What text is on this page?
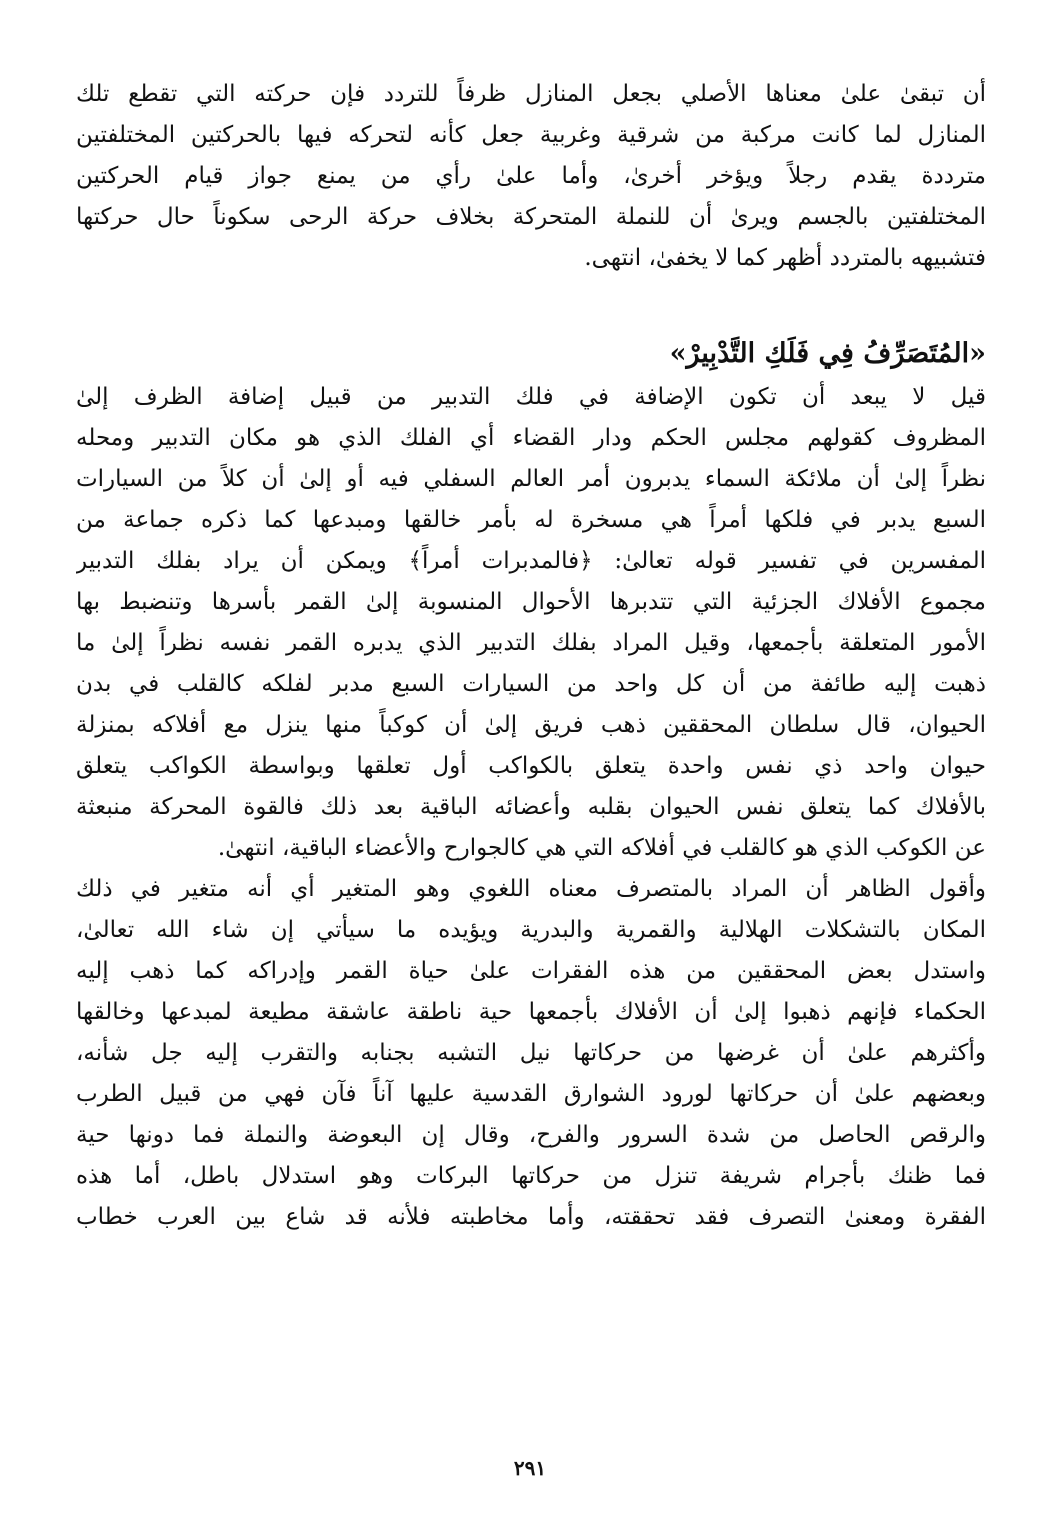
أن تبقىٰ علىٰ معناها الأصلي بجعل المنازل ظرفاً للتردد فإن حركته التي تقطع تلك
المنازل لما كانت مركبة من شرقية وغربية جعل كأنه لتحركه فيها بالحركتين المختلفتين
مترددة يقدم رجلاً ويؤخر أخرىٰ، وأما علىٰ رأي من يمنع جواز قيام الحركتين
المختلفتين بالجسم ويرىٰ أن للنملة المتحركة بخلاف حركة الرحى سكوناً حال حركتها
فتشبيهه بالمتردد أظهر كما لا يخفىٰ، انتهى.
«المُتَصَرِّفُ فِي فَلَكِ التَّدْبِيرْ»
قيل لا يبعد أن تكون الإضافة في فلك التدبير من قبيل إضافة الظرف إلىٰ
المظروف كقولهم مجلس الحكم ودار القضاء أي الفلك الذي هو مكان التدبير ومحله
نظراً إلىٰ أن ملائكة السماء يدبرون أمر العالم السفلي فيه أو إلىٰ أن كلاً من السيارات
السبع يدبر في فلكها أمراً هي مسخرة له بأمر خالقها ومبدعها كما ذكره جماعة من
المفسرين في تفسير قوله تعالىٰ: ﴿فالمدبرات أمراً﴾ ويمكن أن يراد بفلك التدبير
مجموع الأفلاك الجزئية التي تتدبرها الأحوال المنسوبة إلىٰ القمر بأسرها وتنضبط بها
الأمور المتعلقة بأجمعها، وقيل المراد بفلك التدبير الذي يدبره القمر نفسه نظراً إلىٰ ما
ذهبت إليه طائفة من أن كل واحد من السيارات السبع مدبر لفلكه كالقلب في بدن
الحيوان، قال سلطان المحققين ذهب فريق إلىٰ أن كوكباً منها ينزل مع أفلاكه بمنزلة
حيوان واحد ذي نفس واحدة يتعلق بالكواكب أول تعلقها وبواسطة الكواكب يتعلق
بالأفلاك كما يتعلق نفس الحيوان بقلبه وأعضائه الباقية بعد ذلك فالقوة المحركة منبعثة
عن الكوكب الذي هو كالقلب في أفلاكه التي هي كالجوارح والأعضاء الباقية، انتهىٰ.
وأقول الظاهر أن المراد بالمتصرف معناه اللغوي وهو المتغير أي أنه متغير في ذلك
المكان بالتشكلات الهلالية والقمرية والبدرية ويؤيده ما سيأتي إن شاء الله تعالىٰ،
واستدل بعض المحققين من هذه الفقرات علىٰ حياة القمر وإدراكه كما ذهب إليه
الحكماء فإنهم ذهبوا إلىٰ أن الأفلاك بأجمعها حية ناطقة عاشقة مطيعة لمبدعها وخالقها
وأكثرهم علىٰ أن غرضها من حركاتها نيل التشبه بجنابه والتقرب إليه جل شأنه،
وبعضهم علىٰ أن حركاتها لورود الشوارق القدسية عليها آناً فآن فهي من قبيل الطرب
والرقص الحاصل من شدة السرور والفرح، وقال إن البعوضة والنملة فما دونها حية
فما ظنك بأجرام شريفة تنزل من حركاتها البركات وهو استدلال باطل، أما هذه
الفقرة ومعنىٰ التصرف فقد تحققته، وأما مخاطبته فلأنه قد شاع بين العرب خطاب
٢٩١
